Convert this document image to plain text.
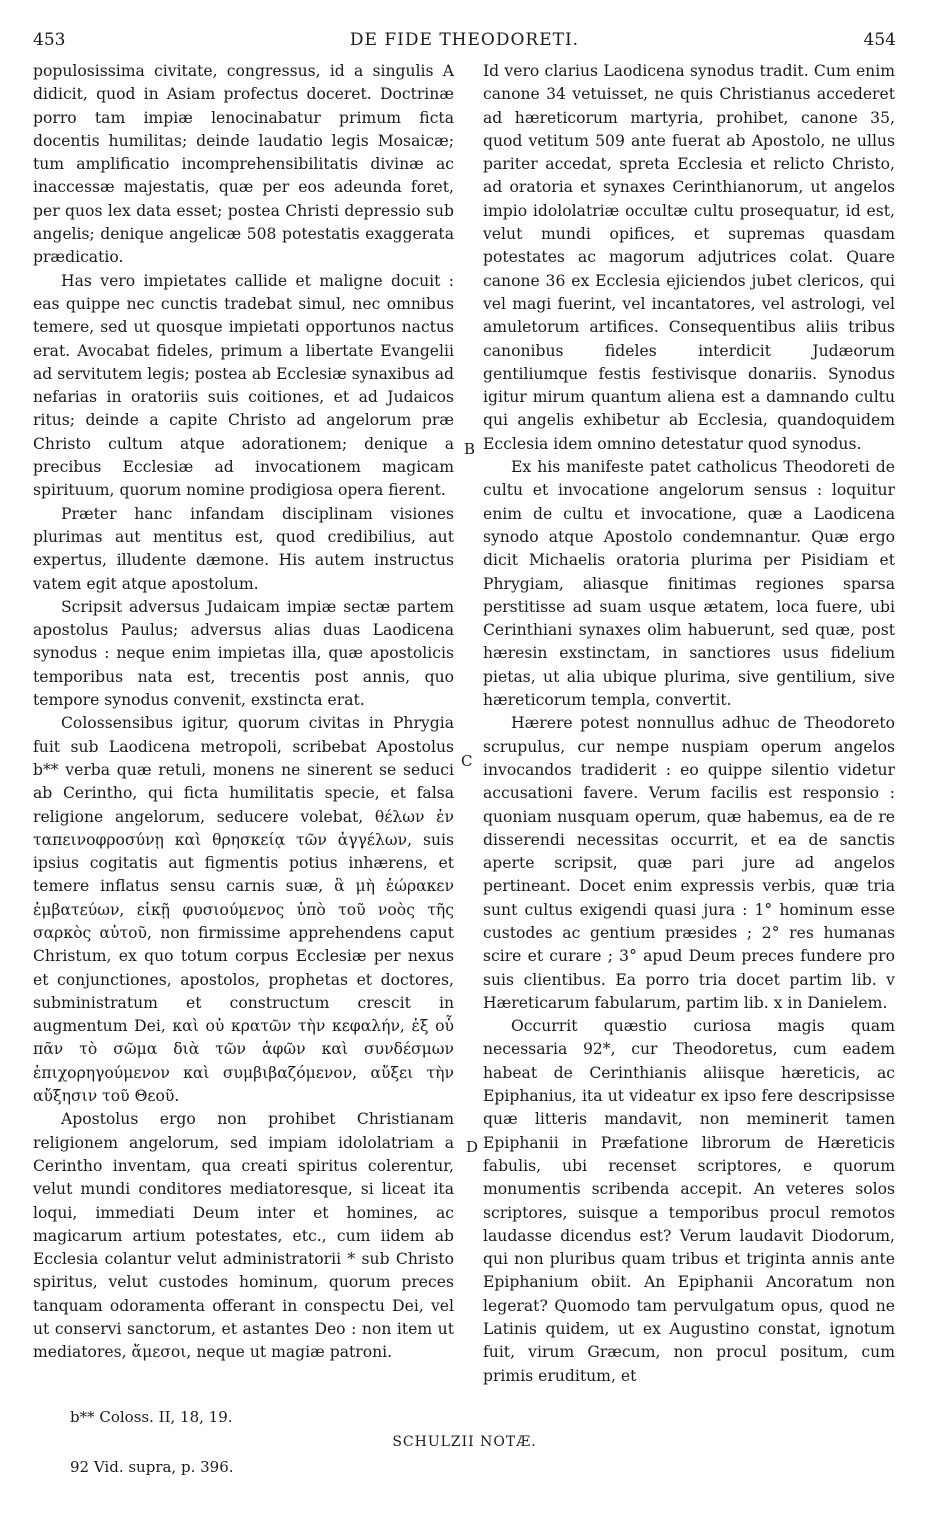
453	DE FIDE THEODORETI.	454

populosissima civitate, congressus, id a singulis A didicit, quod in Asiam profectus doceret. Doctrinæ porro tam impiæ lenocinabatur primum ficta docentis humilitas; deinde laudatio legis Mosaicæ; tum amplificatio incomprehensibilitatis divinæ ac inaccessæ majestatis, quæ per eos adeunda foret, per quos lex data esset; postea Christi depressio sub angelis; denique angelicæ 508 potestatis exaggerata prædicatio.

Has vero impietates callide et maligne docuit : eas quippe nec cunctis tradebat simul, nec omnibus temere, sed ut quosque impietati opportunos nactus erat. Avocabat fideles, primum a libertate Evangelii ad servitutem legis; postea ab Ecclesiæ synaxibus ad nefarias in oratoriis suis coitiones, et ad Judaicos ritus; deinde a capite Christo ad angelorum præ Christo cultum atque adorationem; denique a precibus Ecclesiæ ad invocationem magicam spirituum, quorum nomine prodigiosa opera fierent.

Præter hanc infandam disciplinam visiones plurimas aut mentitus est, quod credibilius, aut expertus, illudente dæmone. His autem instructus vatem egit atque apostolum.

Scripsit adversus Judaicam impiæ sectæ partem apostolus Paulus; adversus alias duas Laodicena synodus : neque enim impietas illa, quæ apostolicis temporibus nata est, trecentis post annis, quo tempore synodus convenit, exstincta erat.

Colossensibus igitur, quorum civitas in Phrygia fuit sub Laodicena metropoli, scribebat Apostolus b** verba quæ retuli, monens ne sinerent se seduci ab Cerintho, qui ficta humilitatis specie, et falsa religione angelorum, seducere volebat, θέλων ἐν ταπεινοφροσύνῃ καὶ θρησκείᾳ τῶν ἀγγέλων, suis ipsius cogitatis aut figmentis potius inhærens, et temere inflatus sensu carnis suæ, ἃ μὴ ἑώρακεν ἐμβατεύων, εἰκῇ φυσιούμενος ὑπὸ τοῦ νοὸς τῆς σαρκὸς αὐτοῦ, non firmissime apprehendens caput Christum, ex quo totum corpus Ecclesiæ per nexus et conjunctiones, apostolos, prophetas et doctores, subministratum et constructum crescit in augmentum Dei, καὶ οὐ κρατῶν τὴν κεφαλήν, ἐξ οὗ πᾶν τὸ σῶμα διὰ τῶν ἁφῶν καὶ συνδέσμων ἐπιχορηγούμενον καὶ συμβιβαζόμενον, αὔξει τὴν αὔξησιν τοῦ Θεοῦ.

Apostolus ergo non prohibet Christianam religionem angelorum, sed impiam idololatriam a Cerintho inventam, qua creati spiritus colerentur, velut mundi conditores mediatoresque, si liceat ita loqui, immediati Deum inter et homines, ac magicarum artium potestates, etc., cum iidem ab Ecclesia colantur velut administratorii * sub Christo spiritus, velut custodes hominum, quorum preces tanquam odoramenta offerant in conspectu Dei, vel ut conservi sanctorum, et astantes Deo : non item ut mediatores, ἄμεσοι, neque ut magiæ patroni.

Id vero clarius Laodicena synodus tradit. Cum enim canone 34 vetuisset, ne quis Christianus accederet ad hæreticorum martyria, prohibet, canone 35, quod vetitum 509 ante fuerat ab Apostolo, ne ullus pariter accedat, spreta Ecclesia et relicto Christo, ad oratoria et synaxes Cerinthianorum, ut angelos impio idololatriæ occultæ cultu prosequatur, id est, velut mundi opifices, et supremas quasdam potestates ac magorum adjutrices colat. Quare canone 36 ex Ecclesia ejiciendos jubet clericos, qui vel magi fuerint, vel incantatores, vel astrologi, vel amuletorum artifices. Consequentibus aliis tribus canonibus fideles interdicit Judæorum gentiliumque festis festivisque donariis. Synodus igitur mirum quantum aliena est a damnando cultu qui angelis exhibetur ab Ecclesia, quandoquidem Ecclesia idem omnino detestatur quod synodus.

Ex his manifeste patet catholicus Theodoreti de cultu et invocatione angelorum sensus : loquitur enim de cultu et invocatione, quæ a Laodicena synodo atque Apostolo condemnantur. Quæ ergo dicit Michaelis oratoria plurima per Pisidiam et Phrygiam, aliasque finitimas regiones sparsa perstitisse ad suam usque ætatem, loca fuere, ubi Cerinthiani synaxes olim habuerunt, sed quæ, post hæresin exstinctam, in sanctiores usus fidelium pietas, ut alia ubique plurima, sive gentilium, sive hæreticorum templa, convertit.

Hærere potest nonnullus adhuc de Theodoreto scrupulus, cur nempe nuspiam operum angelos invocandos tradiderit : eo quippe silentio videtur accusationi favere. Verum facilis est responsio : quoniam nusquam operum, quæ habemus, ea de re disserendi necessitas occurrit, et ea de sanctis aperte scripsit, quæ pari jure ad angelos pertineant. Docet enim expressis verbis, quæ tria sunt cultus exigendi quasi jura : 1° hominum esse custodes ac gentium præsides ; 2° res humanas scire et curare ; 3° apud Deum preces fundere pro suis clientibus. Ea porro tria docet partim lib. v Hæreticarum fabularum, partim lib. x in Danielem.

Occurrit quæstio curiosa magis quam necessaria 92*, cur Theodoretus, cum eadem habeat de Cerinthianis aliisque hæreticis, ac Epiphanius, ita ut videatur ex ipso fere descripsisse quæ litteris mandavit, non meminerit tamen Epiphanii in Præfatione librorum de Hæreticis fabulis, ubi recenset scriptores, e quorum monumentis scribenda accepit. An veteres solos scriptores, suisque a temporibus procul remotos laudasse dicendus est? Verum laudavit Diodorum, qui non pluribus quam tribus et triginta annis ante Epiphanium obiit. An Epiphanii Ancoratum non legerat? Quomodo tam pervulgatum opus, quod ne Latinis quidem, ut ex Augustino constat, ignotum fuit, virum Græcum, non procul positum, cum primis eruditum, et

B
C
D
b** Coloss. II, 18, 19.
SCHULZII NOTÆ.
92 Vid. supra, p. 396.
